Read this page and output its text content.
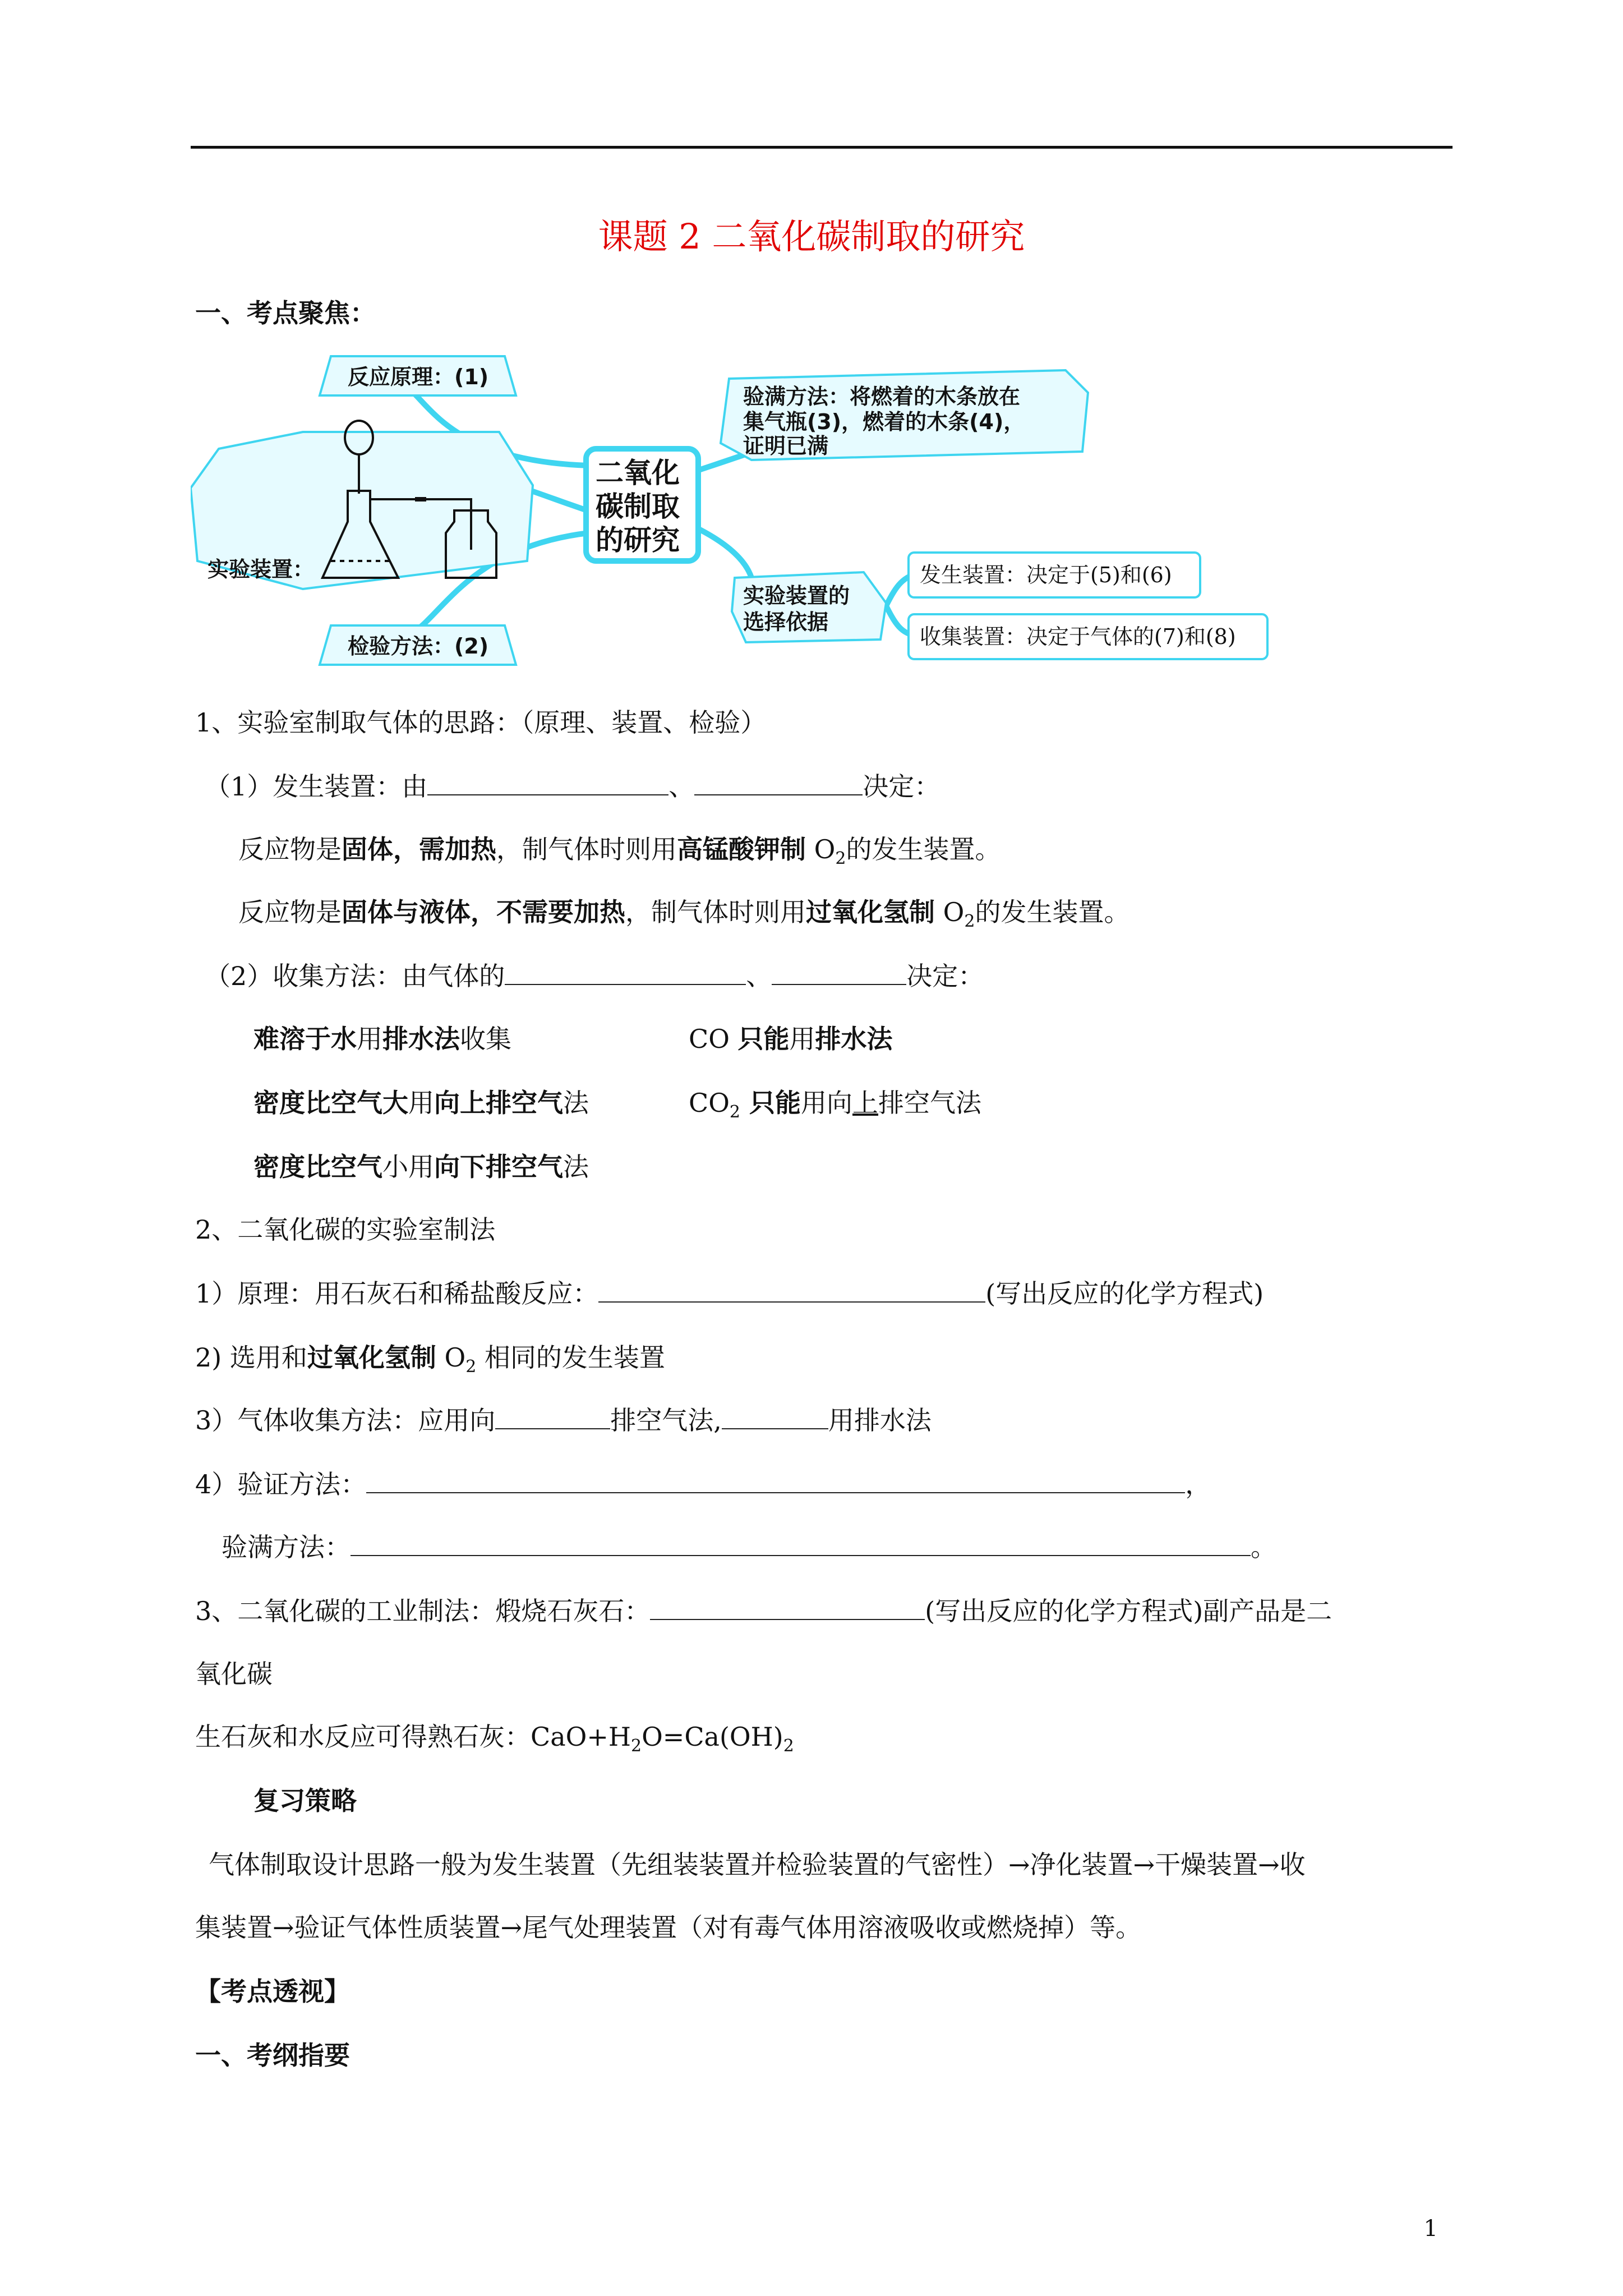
课题 2 二氧化碳制取的研究
一、考点聚焦：
反应原理：(1)
实验装置：
检验方法：(2)
二氧化
碳制取
的研究
验满方法：将燃着的木条放在
集气瓶(3)，燃着的木条(4)，
证明已满
实验装置的
选择依据
发生装置：决定于(5)和(6)
收集装置：决定于气体的(7)和(8)
1、实验室制取气体的思路：（原理、装置、检验）
（1）发生装置：由	、	决定：
反应物是固体，需加热，制气体时则用高锰酸钾制 $O_2$的发生装置。
反应物是固体与液体，不需要加热，制气体时则用过氧化氢制 $O_2$的发生装置。
（2）收集方法：由气体的	、	决定：
难溶于水用排水法收集	CO 只能用排水法
密度比空气大用向上排空气法	$CO_2$ 只能用向上排空气法
密度比空气小用向下排空气法
2、二氧化碳的实验室制法
1）原理：用石灰石和稀盐酸反应：	(写出反应的化学方程式)
2) 选用和过氧化氢制 $O_2$ 相同的发生装置
3）气体收集方法：应用向	排空气法,	用排水法
4）验证方法：	，
验满方法：	。
3、二氧化碳的工业制法：煅烧石灰石：	(写出反应的化学方程式)副产品是二
氧化碳
生石灰和水反应可得熟石灰：$CaO+H_2O=Ca(OH)_2$
复习策略
气体制取设计思路一般为发生装置（先组装装置并检验装置的气密性）→净化装置→干燥装置→收
集装置→验证气体性质装置→尾气处理装置（对有毒气体用溶液吸收或燃烧掉）等。
【考点透视】
一、考纲指要
1
